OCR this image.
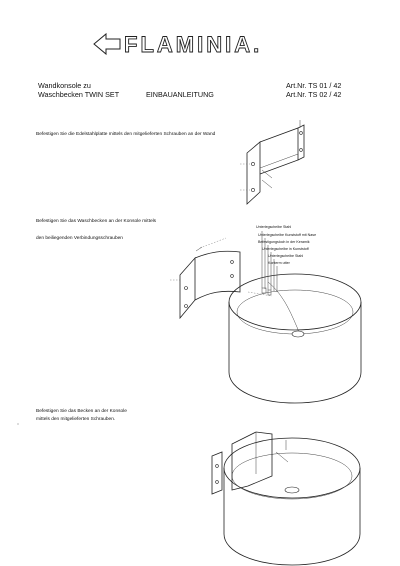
FLAMINIA.
Wandkonsole zu
Waschbecken TWIN SET	EINBAUANLEITUNG
Art.Nr. TS 01 / 42
Art.Nr. TS 02 / 42
Befestigen Sie die Edelstahlplatte mittels den mitgelieferten Schrauben an der Wand
Befestigen Sie das Waschbecken an der Konsole mittels
den beiliegenden Verbindungsschrauben
Befestigen Sie das Becken an der Konsole
mittels den mitgelieferten Schrauben.
Unterlegscheibe Stahl
Unterlegscheibe Kunststoff mit Nase
Befestigungsloch in der Keramik
Unterlegscheibe in Kunststoff
Unterlegscheibe Stahl
Konterm utter
